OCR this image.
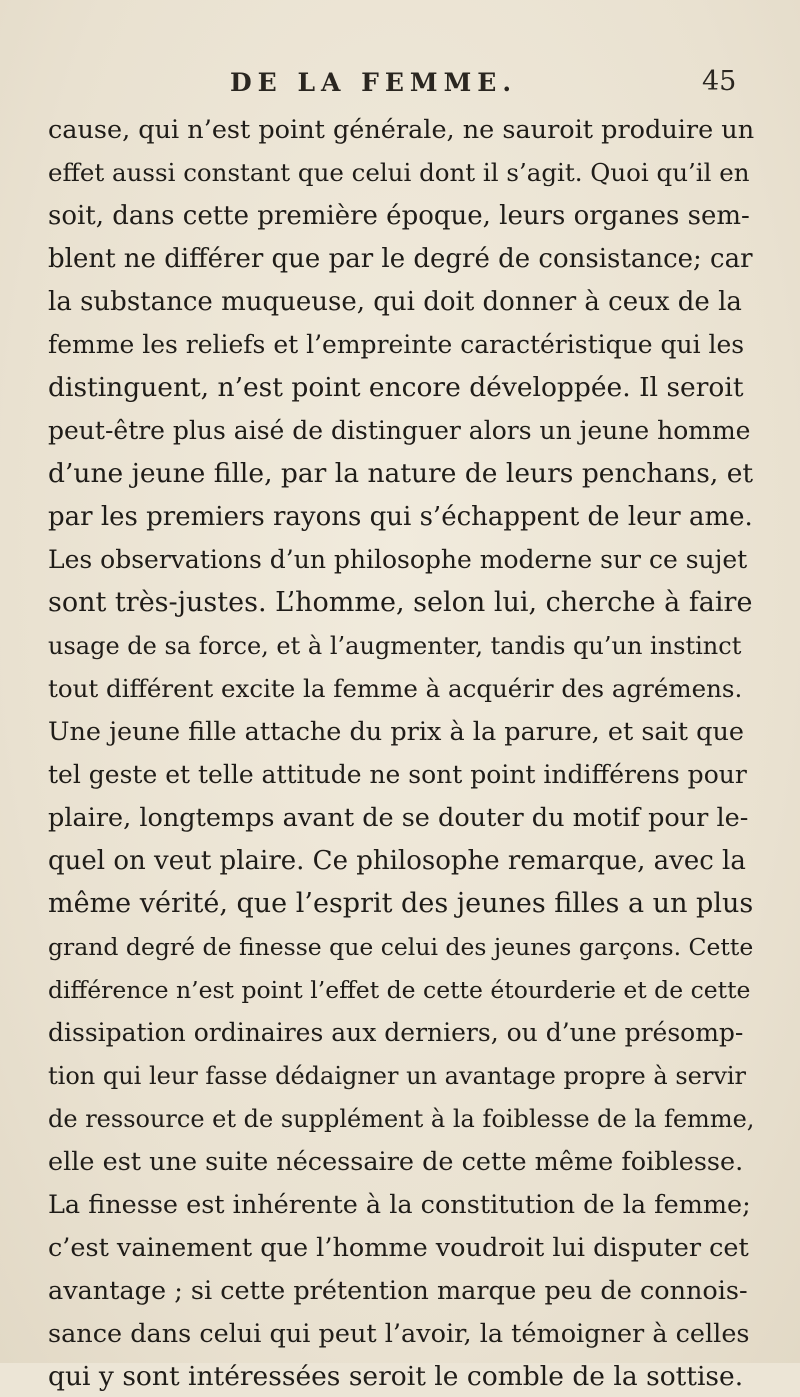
DE LA FEMME.	45
cause, qui n’est point générale, ne sauroit produire un
effet aussi constant que celui dont il s’agit. Quoi qu’il en
soit, dans cette première époque, leurs organes sem-
blent ne différer que par le degré de consistance; car
la substance muqueuse, qui doit donner à ceux de la
femme les reliefs et l’empreinte caractéristique qui les
distinguent, n’est point encore développée. Il seroit
peut-être plus aisé de distinguer alors un jeune homme
d’une jeune fille, par la nature de leurs penchans, et
par les premiers rayons qui s’échappent de leur ame.
Les observations d’un philosophe moderne sur ce sujet
sont très-justes. L’homme, selon lui, cherche à faire
usage de sa force, et à l’augmenter, tandis qu’un instinct
tout différent excite la femme à acquérir des agrémens.
Une jeune fille attache du prix à la parure, et sait que
tel geste et telle attitude ne sont point indifférens pour
plaire, longtemps avant de se douter du motif pour le-
quel on veut plaire. Ce philosophe remarque, avec la
même vérité, que l’esprit des jeunes filles a un plus
grand degré de finesse que celui des jeunes garçons. Cette
différence n’est point l’effet de cette étourderie et de cette
dissipation ordinaires aux derniers, ou d’une présomp-
tion qui leur fasse dédaigner un avantage propre à servir
de ressource et de supplément à la foiblesse de la femme,
elle est une suite nécessaire de cette même foiblesse.
La finesse est inhérente à la constitution de la femme;
c’est vainement que l’homme voudroit lui disputer cet
avantage ; si cette prétention marque peu de connois-
sance dans celui qui peut l’avoir, la témoigner à celles
qui y sont intéressées seroit le comble de la sottise.
